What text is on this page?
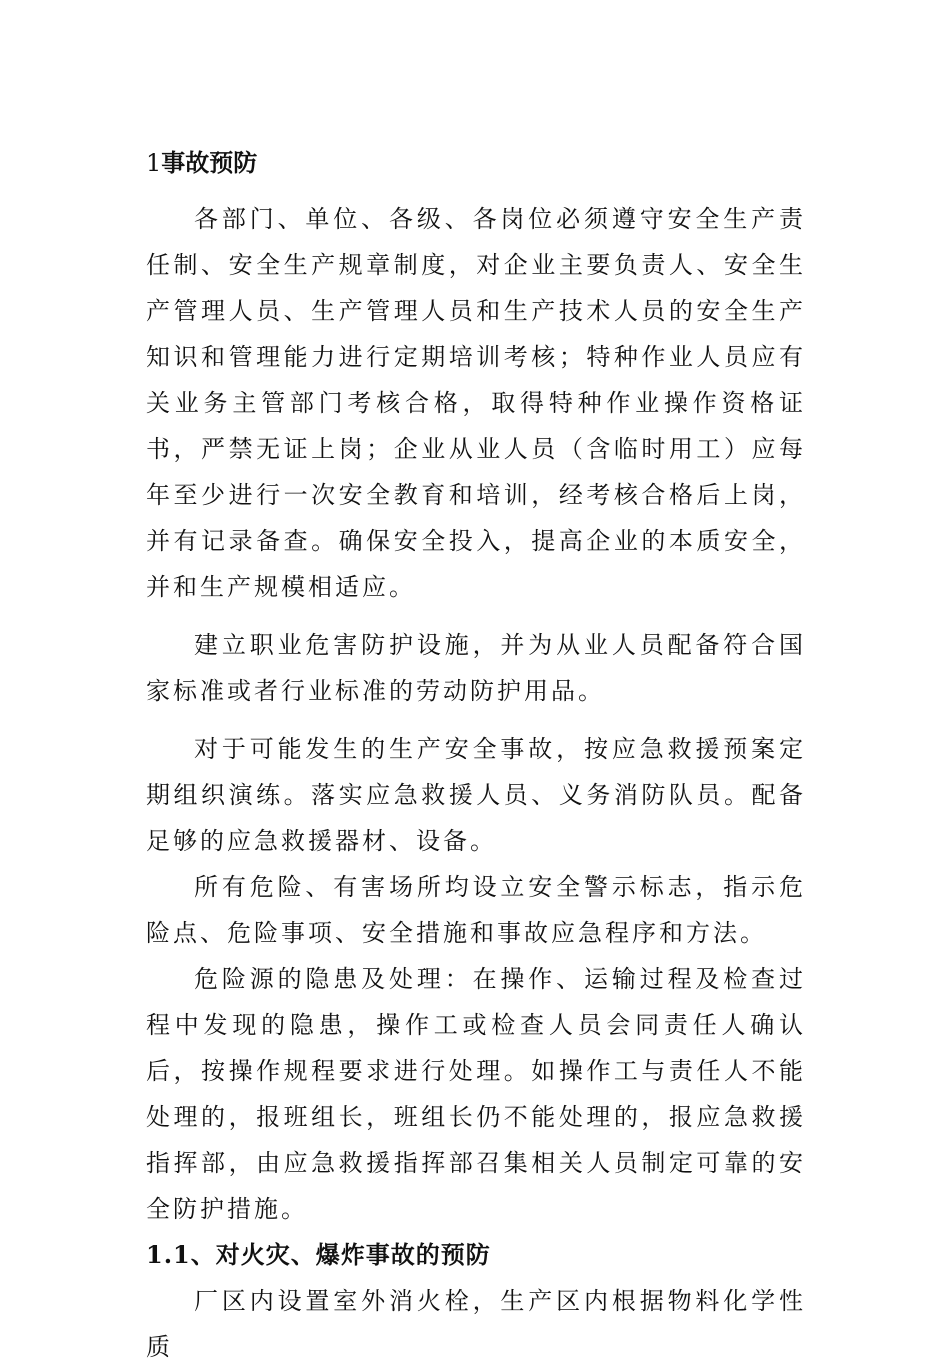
1事故预防

各部门、单位、各级、各岗位必须遵守安全生产责任制、安全生产规章制度，对企业主要负责人、安全生产管理人员、生产管理人员和生产技术人员的安全生产知识和管理能力进行定期培训考核；特种作业人员应有关业务主管部门考核合格，取得特种作业操作资格证书，严禁无证上岗；企业从业人员（含临时用工）应每年至少进行一次安全教育和培训，经考核合格后上岗，并有记录备查。确保安全投入，提高企业的本质安全，并和生产规模相适应。

建立职业危害防护设施，并为从业人员配备符合国家标准或者行业标准的劳动防护用品。

对于可能发生的生产安全事故，按应急救援预案定期组织演练。落实应急救援人员、义务消防队员。配备足够的应急救援器材、设备。

所有危险、有害场所均设立安全警示标志，指示危险点、危险事项、安全措施和事故应急程序和方法。

危险源的隐患及处理：在操作、运输过程及检查过程中发现的隐患，操作工或检查人员会同责任人确认后，按操作规程要求进行处理。如操作工与责任人不能处理的，报班组长，班组长仍不能处理的，报应急救援指挥部，由应急救援指挥部召集相关人员制定可靠的安全防护措施。

1.1、对火灾、爆炸事故的预防

厂区内设置室外消火栓，生产区内根据物料化学性质
